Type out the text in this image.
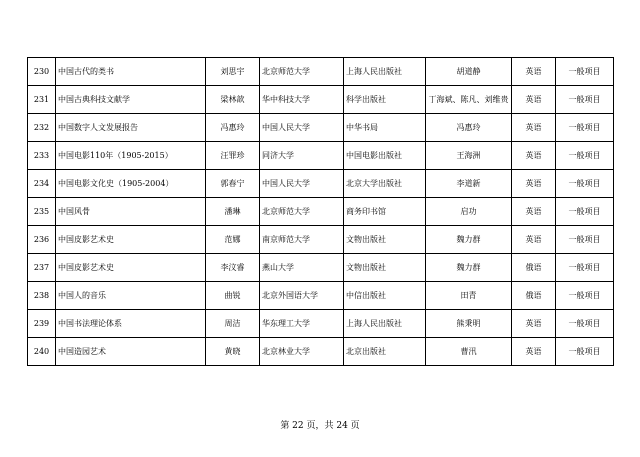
230	中国古代的类书	刘思宇	北京师范大学	上海人民出版社	胡道静	英语	一般项目
231	中国古典科技文献学	梁林歆	华中科技大学	科学出版社	丁海斌、陈凡、刘维贵	英语	一般项目
232	中国数字人文发展报告	冯惠玲	中国人民大学	中华书局	冯惠玲	英语	一般项目
233	中国电影110年（1905-2015）	汪罪珍	同济大学	中国电影出版社	王海洲	英语	一般项目
234	中国电影文化史（1905-2004）	郭春宁	中国人民大学	北京大学出版社	李道新	英语	一般项目
235	中国风骨	潘琳	北京师范大学	商务印书馆	启功	英语	一般项目
236	中国皮影艺术史	范娜	南京师范大学	文物出版社	魏力群	英语	一般项目
237	中国皮影艺术史	李汶睿	燕山大学	文物出版社	魏力群	俄语	一般项目
238	中国人的音乐	曲锐	北京外国语大学	中信出版社	田青	俄语	一般项目
239	中国书法理论体系	周洁	华东理工大学	上海人民出版社	熊秉明	英语	一般项目
240	中国造园艺术	黄晓	北京林业大学	北京出版社	曹汛	英语	一般项目
第 22 页，共 24 页
